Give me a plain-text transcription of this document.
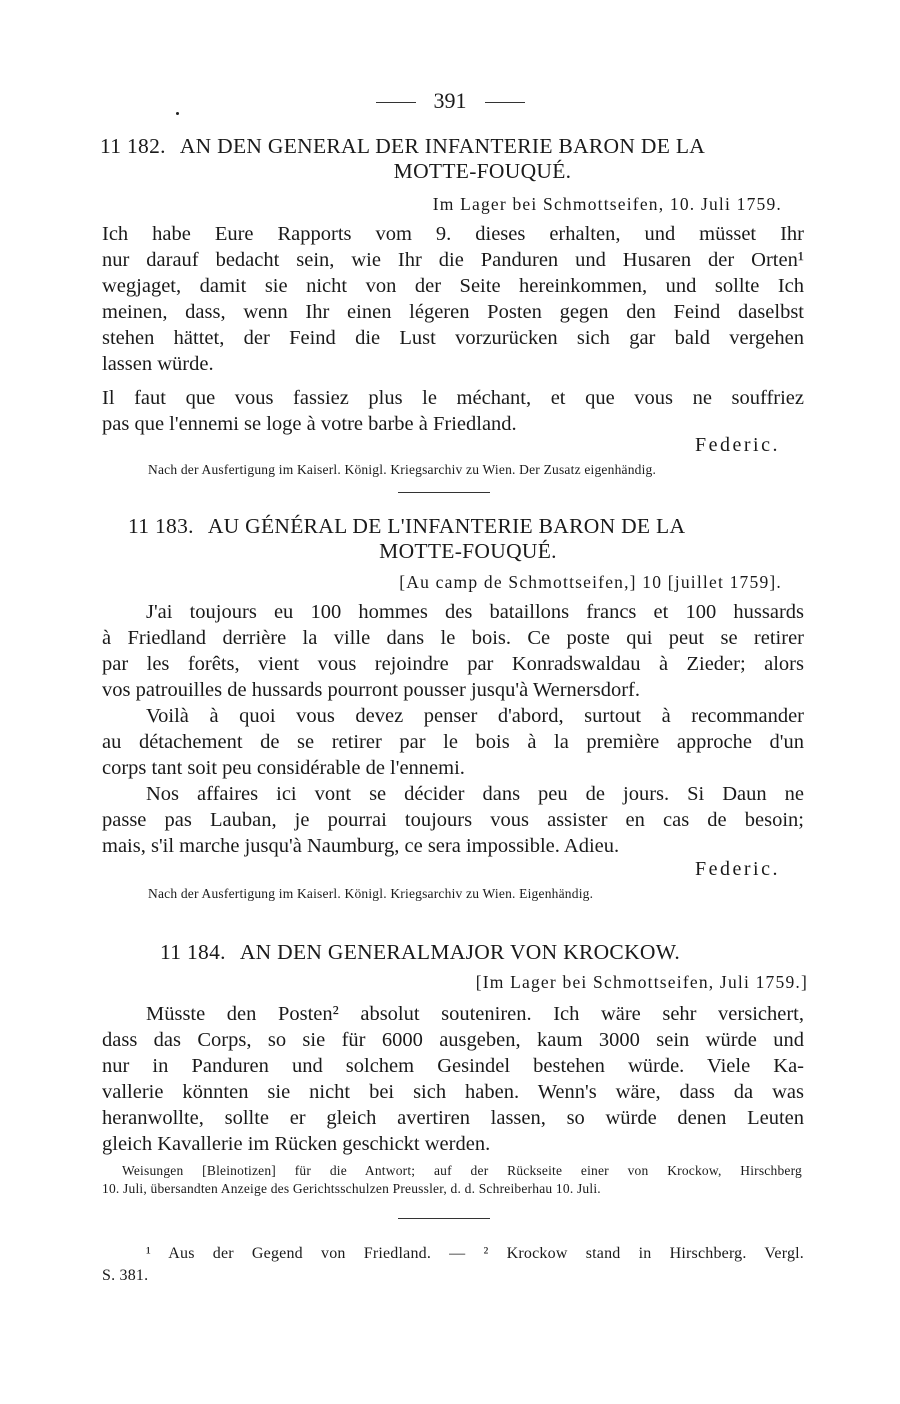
391
11 182. AN DEN GENERAL DER INFANTERIE BARON DE LA
MOTTE-FOUQUÉ.
Im Lager bei Schmottseifen, 10. Juli 1759.

Ich habe Eure Rapports vom 9. dieses erhalten, und müsset Ihr
nur darauf bedacht sein, wie Ihr die Panduren und Husaren der Orten¹
wegjaget, damit sie nicht von der Seite hereinkommen, und sollte Ich
meinen, dass, wenn Ihr einen légeren Posten gegen den Feind daselbst
stehen hättet, der Feind die Lust vorzurücken sich gar bald vergehen
lassen würde.

Il faut que vous fassiez plus le méchant, et que vous ne souffriez
pas que l'ennemi se loge à votre barbe à Friedland.

Federic.
Nach der Ausfertigung im Kaiserl. Königl. Kriegsarchiv zu Wien. Der Zusatz eigenhändig.
11 183. AU GÉNÉRAL DE L'INFANTERIE BARON DE LA
MOTTE-FOUQUÉ.
[Au camp de Schmottseifen,] 10 [juillet 1759].

J'ai toujours eu 100 hommes des bataillons francs et 100 hussards
à Friedland derrière la ville dans le bois. Ce poste qui peut se retirer
par les forêts, vient vous rejoindre par Konradswaldau à Zieder; alors
vos patrouilles de hussards pourront pousser jusqu'à Wernersdorf.

Voilà à quoi vous devez penser d'abord, surtout à recommander
au détachement de se retirer par le bois à la première approche d'un
corps tant soit peu considérable de l'ennemi.

Nos affaires ici vont se décider dans peu de jours. Si Daun ne
passe pas Lauban, je pourrai toujours vous assister en cas de besoin;
mais, s'il marche jusqu'à Naumburg, ce sera impossible. Adieu.

Federic.
Nach der Ausfertigung im Kaiserl. Königl. Kriegsarchiv zu Wien. Eigenhändig.
11 184. AN DEN GENERALMAJOR VON KROCKOW.
[Im Lager bei Schmottseifen, Juli 1759.]

Müsste den Posten² absolut souteniren. Ich wäre sehr versichert,
dass das Corps, so sie für 6000 ausgeben, kaum 3000 sein würde und
nur in Panduren und solchem Gesindel bestehen würde. Viele Ka-
vallerie könnten sie nicht bei sich haben. Wenn's wäre, dass da was
heranwollte, sollte er gleich avertiren lassen, so würde denen Leuten
gleich Kavallerie im Rücken geschickt werden.

Weisungen [Bleinotizen] für die Antwort; auf der Rückseite einer von Krockow, Hirschberg
10. Juli, übersandten Anzeige des Gerichtsschulzen Preussler, d. d. Schreiberhau 10. Juli.
¹ Aus der Gegend von Friedland. — ² Krockow stand in Hirschberg. Vergl.
S. 381.
